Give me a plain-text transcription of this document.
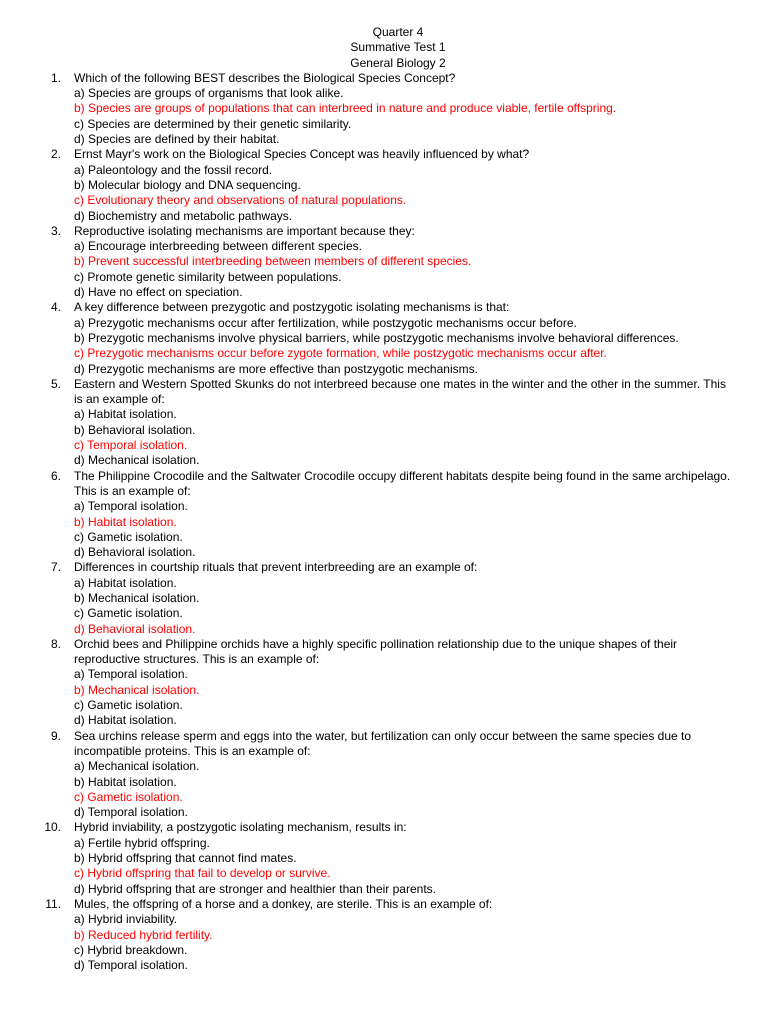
Quarter 4
Summative Test 1
General Biology 2
1. Which of the following BEST describes the Biological Species Concept?
a) Species are groups of organisms that look alike.
b) Species are groups of populations that can interbreed in nature and produce viable, fertile offspring.
c) Species are determined by their genetic similarity.
d) Species are defined by their habitat.
2. Ernst Mayr's work on the Biological Species Concept was heavily influenced by what?
a) Paleontology and the fossil record.
b) Molecular biology and DNA sequencing.
c) Evolutionary theory and observations of natural populations.
d) Biochemistry and metabolic pathways.
3. Reproductive isolating mechanisms are important because they:
a) Encourage interbreeding between different species.
b) Prevent successful interbreeding between members of different species.
c) Promote genetic similarity between populations.
d) Have no effect on speciation.
4. A key difference between prezygotic and postzygotic isolating mechanisms is that:
a) Prezygotic mechanisms occur after fertilization, while postzygotic mechanisms occur before.
b) Prezygotic mechanisms involve physical barriers, while postzygotic mechanisms involve behavioral differences.
c) Prezygotic mechanisms occur before zygote formation, while postzygotic mechanisms occur after.
d) Prezygotic mechanisms are more effective than postzygotic mechanisms.
5. Eastern and Western Spotted Skunks do not interbreed because one mates in the winter and the other in the summer. This is an example of:
a) Habitat isolation.
b) Behavioral isolation.
c) Temporal isolation.
d) Mechanical isolation.
6. The Philippine Crocodile and the Saltwater Crocodile occupy different habitats despite being found in the same archipelago. This is an example of:
a) Temporal isolation.
b) Habitat isolation.
c) Gametic isolation.
d) Behavioral isolation.
7. Differences in courtship rituals that prevent interbreeding are an example of:
a) Habitat isolation.
b) Mechanical isolation.
c) Gametic isolation.
d) Behavioral isolation.
8. Orchid bees and Philippine orchids have a highly specific pollination relationship due to the unique shapes of their reproductive structures. This is an example of:
a) Temporal isolation.
b) Mechanical isolation.
c) Gametic isolation.
d) Habitat isolation.
9. Sea urchins release sperm and eggs into the water, but fertilization can only occur between the same species due to incompatible proteins. This is an example of:
a) Mechanical isolation.
b) Habitat isolation.
c) Gametic isolation.
d) Temporal isolation.
10. Hybrid inviability, a postzygotic isolating mechanism, results in:
a) Fertile hybrid offspring.
b) Hybrid offspring that cannot find mates.
c) Hybrid offspring that fail to develop or survive.
d) Hybrid offspring that are stronger and healthier than their parents.
11. Mules, the offspring of a horse and a donkey, are sterile. This is an example of:
a) Hybrid inviability.
b) Reduced hybrid fertility.
c) Hybrid breakdown.
d) Temporal isolation.
